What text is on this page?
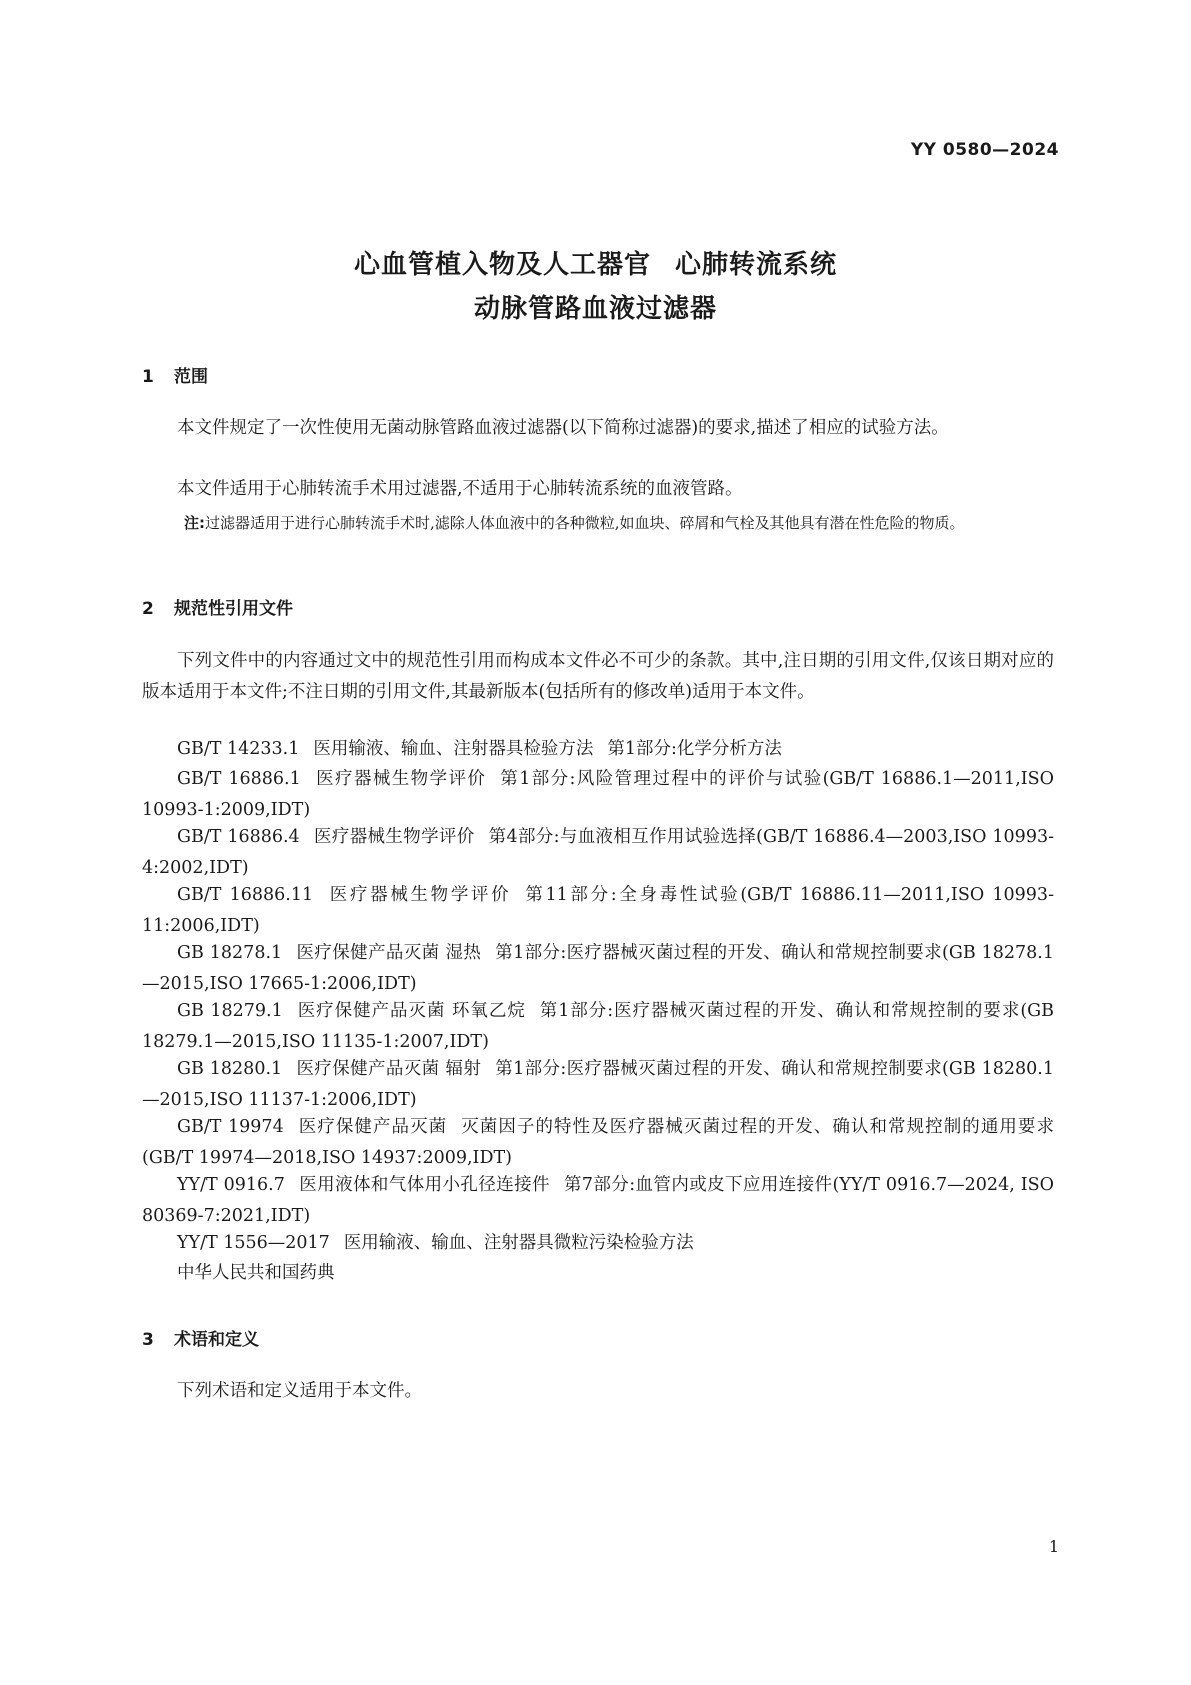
YY 0580—2024
心血管植入物及人工器官 心肺转流系统
动脉管路血液过滤器
1 范围
本文件规定了一次性使用无菌动脉管路血液过滤器(以下简称过滤器)的要求,描述了相应的试验方法。
本文件适用于心肺转流手术用过滤器,不适用于心肺转流系统的血液管路。
注:过滤器适用于进行心肺转流手术时,滤除人体血液中的各种微粒,如血块、碎屑和气栓及其他具有潜在性危险的物质。
2 规范性引用文件
下列文件中的内容通过文中的规范性引用而构成本文件必不可少的条款。其中,注日期的引用文件,仅该日期对应的版本适用于本文件;不注日期的引用文件,其最新版本(包括所有的修改单)适用于本文件。
GB/T 14233.1 医用输液、输血、注射器具检验方法 第1部分:化学分析方法
GB/T 16886.1 医疗器械生物学评价 第1部分:风险管理过程中的评价与试验(GB/T 16886.1—2011,ISO 10993-1:2009,IDT)
GB/T 16886.4 医疗器械生物学评价 第4部分:与血液相互作用试验选择(GB/T 16886.4—2003,ISO 10993-4:2002,IDT)
GB/T 16886.11 医疗器械生物学评价 第11部分:全身毒性试验(GB/T 16886.11—2011,ISO 10993-11:2006,IDT)
GB 18278.1 医疗保健产品灭菌 湿热 第1部分:医疗器械灭菌过程的开发、确认和常规控制要求(GB 18278.1—2015,ISO 17665-1:2006,IDT)
GB 18279.1 医疗保健产品灭菌 环氧乙烷 第1部分:医疗器械灭菌过程的开发、确认和常规控制的要求(GB 18279.1—2015,ISO 11135-1:2007,IDT)
GB 18280.1 医疗保健产品灭菌 辐射 第1部分:医疗器械灭菌过程的开发、确认和常规控制要求(GB 18280.1—2015,ISO 11137-1:2006,IDT)
GB/T 19974 医疗保健产品灭菌 灭菌因子的特性及医疗器械灭菌过程的开发、确认和常规控制的通用要求(GB/T 19974—2018,ISO 14937:2009,IDT)
YY/T 0916.7 医用液体和气体用小孔径连接件 第7部分:血管内或皮下应用连接件(YY/T 0916.7—2024, ISO 80369-7:2021,IDT)
YY/T 1556—2017 医用输液、输血、注射器具微粒污染检验方法
中华人民共和国药典
3 术语和定义
下列术语和定义适用于本文件。
1
